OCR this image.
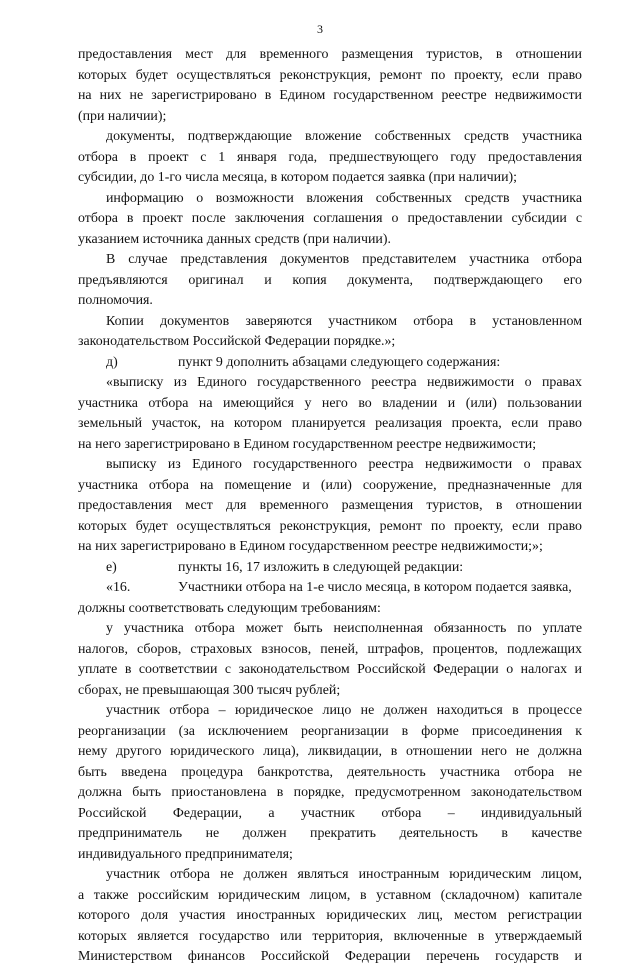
3
предоставления мест для временного размещения туристов, в отношении
которых будет осуществляться реконструкция, ремонт по проекту, если право
на них не зарегистрировано в Едином государственном реестре недвижимости
(при наличии);
документы, подтверждающие вложение собственных средств участника
отбора в проект с 1 января года, предшествующего году предоставления
субсидии, до 1-го числа месяца, в котором подается заявка (при наличии);
информацию о возможности вложения собственных средств участника
отбора в проект после заключения соглашения о предоставлении субсидии с
указанием источника данных средств (при наличии).
В случае представления документов представителем участника отбора
предъявляются оригинал и копия документа, подтверждающего его
полномочия.
Копии документов заверяются участником отбора в установленном
законодательством Российской Федерации порядке.»;
д)	пункт 9 дополнить абзацами следующего содержания:
«выписку из Единого государственного реестра недвижимости о правах
участника отбора на имеющийся у него во владении и (или) пользовании
земельный участок, на котором планируется реализация проекта, если право
на него зарегистрировано в Едином государственном реестре недвижимости;
выписку из Единого государственного реестра недвижимости о правах
участника отбора на помещение и (или) сооружение, предназначенные для
предоставления мест для временного размещения туристов, в отношении
которых будет осуществляться реконструкция, ремонт по проекту, если право
на них зарегистрировано в Едином государственном реестре недвижимости;»;
е)	пункты 16, 17 изложить в следующей редакции:
«16.	Участники отбора на 1-е число месяца, в котором подается заявка,
должны соответствовать следующим требованиям:
у участника отбора может быть неисполненная обязанность по уплате
налогов, сборов, страховых взносов, пеней, штрафов, процентов, подлежащих
уплате в соответствии с законодательством Российской Федерации о налогах и
сборах, не превышающая 300 тысяч рублей;
участник отбора – юридическое лицо не должен находиться в процессе
реорганизации (за исключением реорганизации в форме присоединения к
нему другого юридического лица), ликвидации, в отношении него не должна
быть введена процедура банкротства, деятельность участника отбора не
должна быть приостановлена в порядке, предусмотренном законодательством
Российской Федерации, а участник отбора – индивидуальный
предприниматель не должен прекратить деятельность в качестве
индивидуального предпринимателя;
участник отбора не должен являться иностранным юридическим лицом,
а также российским юридическим лицом, в уставном (складочном) капитале
которого доля участия иностранных юридических лиц, местом регистрации
которых является государство или территория, включенные в утверждаемый
Министерством финансов Российской Федерации перечень государств и
